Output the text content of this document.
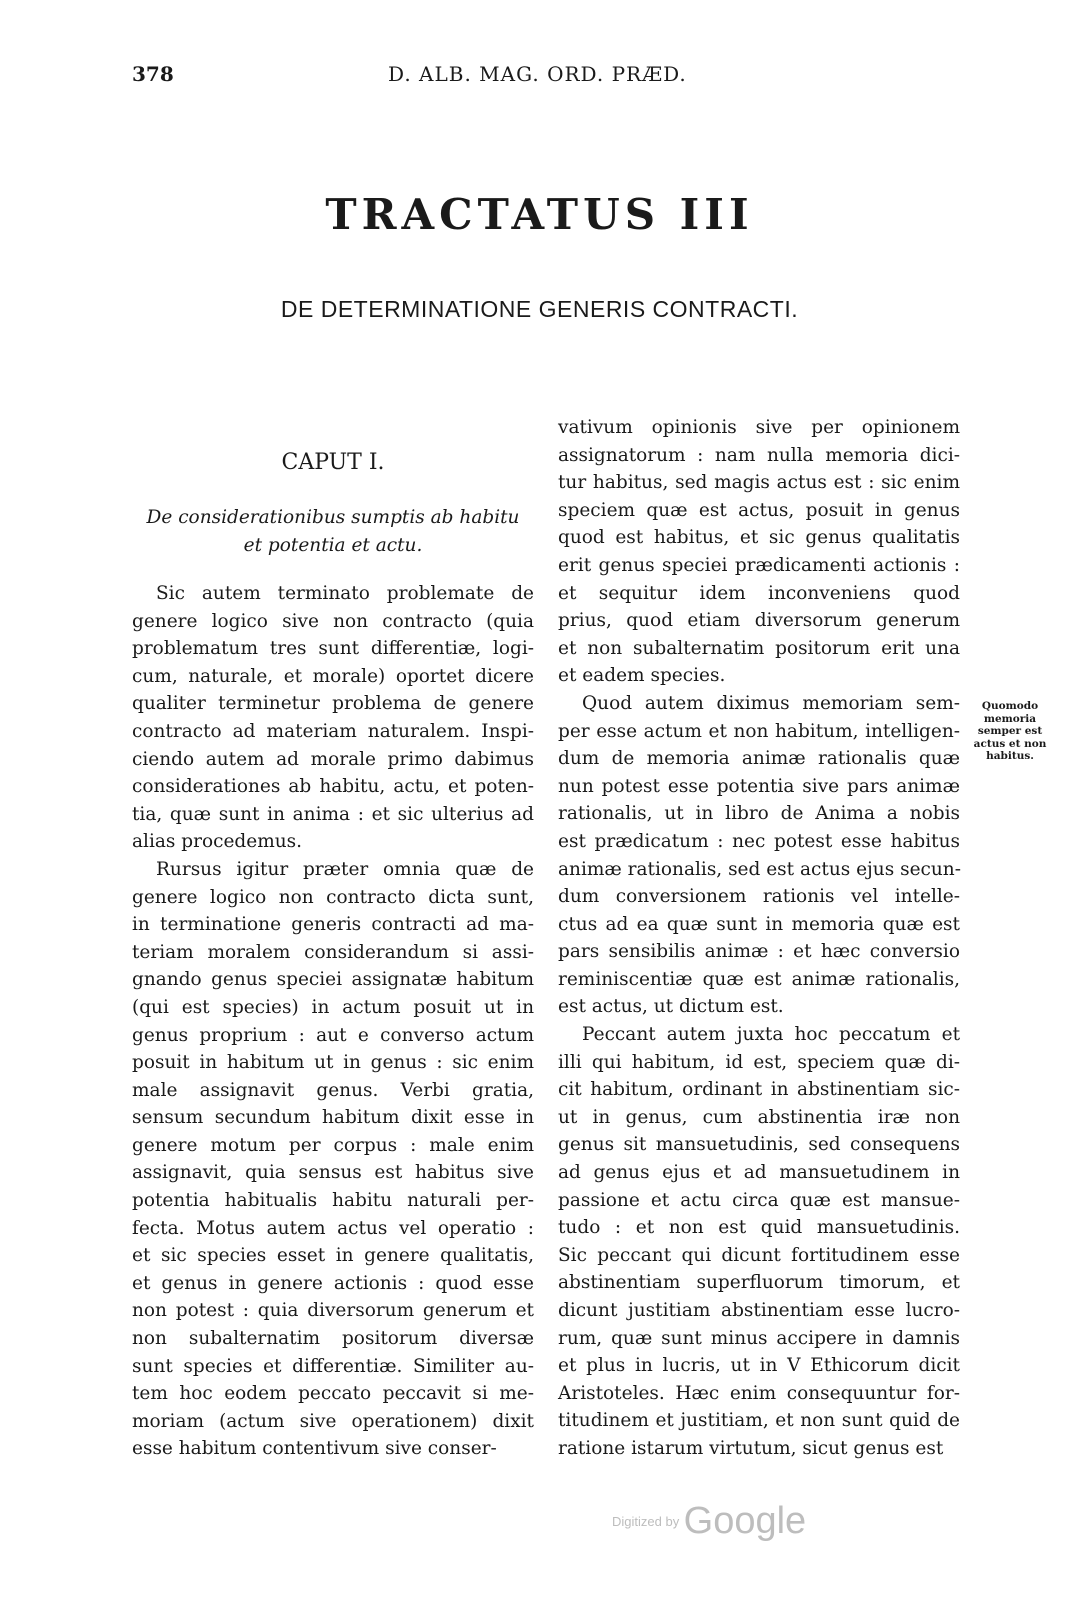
378	D. ALB. MAG. ORD. PRÆD.
TRACTATUS III
DE DETERMINATIONE GENERIS CONTRACTI.
CAPUT I.
De considerationibus sumptis ab habitu
et potentia et actu.
Sic autem terminato problemate de
genere logico sive non contracto (quia
problematum tres sunt differentiæ, logi-
cum, naturale, et morale) oportet dicere
qualiter terminetur problema de genere
contracto ad materiam naturalem. Inspi-
ciendo autem ad morale primo dabimus
considerationes ab habitu, actu, et poten-
tia, quæ sunt in anima : et sic ulterius ad
alias procedemus.
Rursus igitur præter omnia quæ de
genere logico non contracto dicta sunt,
in terminatione generis contracti ad ma-
teriam moralem considerandum si assi-
gnando genus speciei assignatæ habitum
(qui est species) in actum posuit ut in
genus proprium : aut e converso actum
posuit in habitum ut in genus : sic enim
male assignavit genus. Verbi gratia,
sensum secundum habitum dixit esse in
genere motum per corpus : male enim
assignavit, quia sensus est habitus sive
potentia habitualis habitu naturali per-
fecta. Motus autem actus vel operatio :
et sic species esset in genere qualitatis,
et genus in genere actionis : quod esse
non potest : quia diversorum generum et
non subalternatim positorum diversæ
sunt species et differentiæ. Similiter au-
tem hoc eodem peccato peccavit si me-
moriam (actum sive operationem) dixit
esse habitum contentivum sive conser-
vativum opinionis sive per opinionem
assignatorum : nam nulla memoria dici-
tur habitus, sed magis actus est : sic enim
speciem quæ est actus, posuit in genus
quod est habitus, et sic genus qualitatis
erit genus speciei prædicamenti actionis :
et sequitur idem inconveniens quod
prius, quod etiam diversorum generum
et non subalternatim positorum erit una
et eadem species.
Quod autem diximus memoriam sem-
per esse actum et non habitum, intelligen-
dum de memoria animæ rationalis quæ
nun potest esse potentia sive pars animæ
rationalis, ut in libro de Anima a nobis
est prædicatum : nec potest esse habitus
animæ rationalis, sed est actus ejus secun-
dum conversionem rationis vel intelle-
ctus ad ea quæ sunt in memoria quæ est
pars sensibilis animæ : et hæc conversio
reminiscentiæ quæ est animæ rationalis,
est actus, ut dictum est.
Peccant autem juxta hoc peccatum et
illi qui habitum, id est, speciem quæ di-
cit habitum, ordinant in abstinentiam sic-
ut in genus, cum abstinentia iræ non
genus sit mansuetudinis, sed consequens
ad genus ejus et ad mansuetudinem in
passione et actu circa quæ est mansue-
tudo : et non est quid mansuetudinis.
Sic peccant qui dicunt fortitudinem esse
abstinentiam superfluorum timorum, et
dicunt justitiam abstinentiam esse lucro-
rum, quæ sunt minus accipere in damnis
et plus in lucris, ut in V Ethicorum dicit
Aristoteles. Hæc enim consequuntur for-
titudinem et justitiam, et non sunt quid de
ratione istarum virtutum, sicut genus est
Quomodo
memoria
semper est
actus et non
habitus.
Digitized by Google
